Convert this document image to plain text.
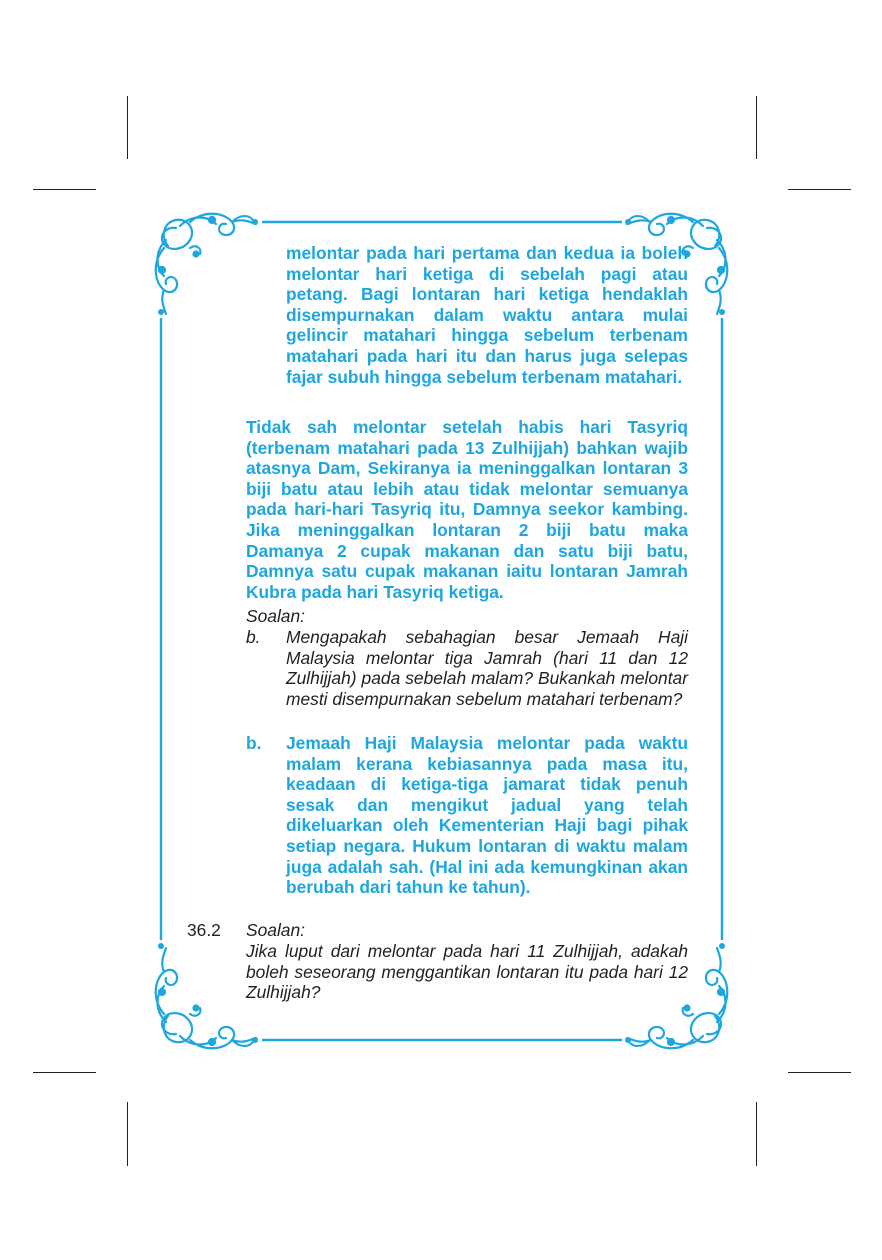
melontar pada hari pertama dan kedua ia boleh melontar hari ketiga di sebelah pagi atau petang. Bagi lontaran hari ketiga hendaklah disempurnakan dalam waktu antara mulai gelincir matahari hingga sebelum terbenam matahari pada hari itu dan harus juga selepas fajar subuh hingga sebelum terbenam matahari.

Tidak sah melontar setelah habis hari Tasyriq (terbenam matahari pada 13 Zulhijjah) bahkan wajib atasnya Dam, Sekiranya ia meninggalkan lontaran 3 biji batu atau lebih atau tidak melontar semuanya pada hari-hari Tasyriq itu, Damnya seekor kambing. Jika meninggalkan lontaran 2 biji batu maka Damanya 2 cupak makanan dan satu biji batu, Damnya satu cupak makanan iaitu lontaran Jamrah Kubra pada hari Tasyriq ketiga.

Soalan:
b. Mengapakah sebahagian besar Jemaah Haji Malaysia melontar tiga Jamrah (hari 11 dan 12 Zulhijjah) pada sebelah malam? Bukankah melontar mesti disempurnakan sebelum matahari terbenam?

b. Jemaah Haji Malaysia melontar pada waktu malam kerana kebiasannya pada masa itu, keadaan di ketiga-tiga jamarat tidak penuh sesak dan mengikut jadual yang telah dikeluarkan oleh Kementerian Haji bagi pihak setiap negara. Hukum lontaran di waktu malam juga adalah sah. (Hal ini ada kemungkinan akan berubah dari tahun ke tahun).

36.2 Soalan:

Jika luput dari melontar pada hari 11 Zulhijjah, adakah boleh seseorang menggantikan lontaran itu pada hari 12 Zulhijjah?
